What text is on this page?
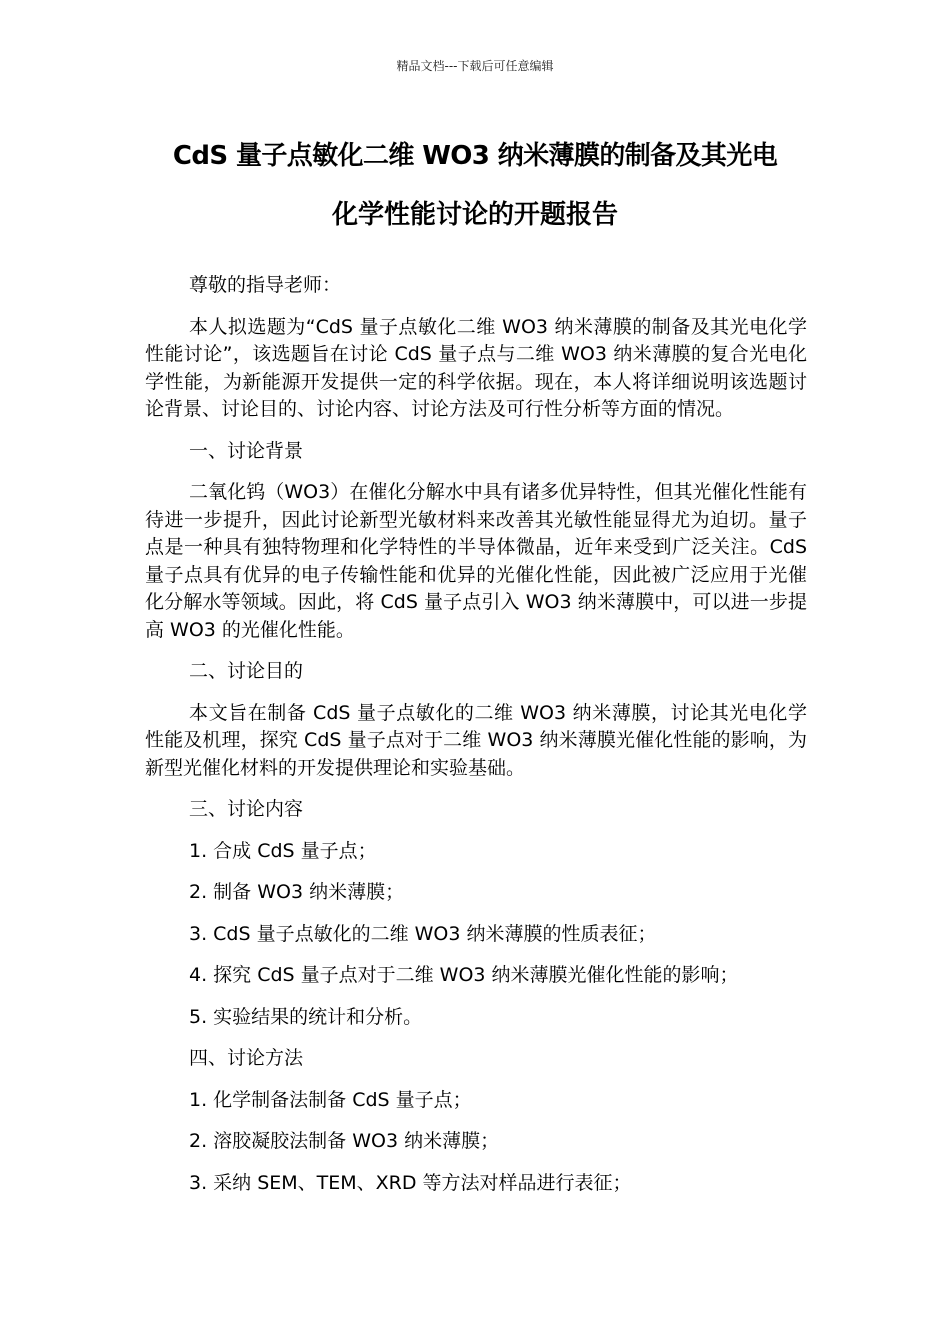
精品文档---下载后可任意编辑
CdS 量子点敏化二维 WO3 纳米薄膜的制备及其光电
化学性能讨论的开题报告
尊敬的指导老师：

本人拟选题为“CdS 量子点敏化二维 WO3 纳米薄膜的制备及其光电化学性能讨论”，该选题旨在讨论 CdS 量子点与二维 WO3 纳米薄膜的复合光电化学性能，为新能源开发提供一定的科学依据。现在，本人将详细说明该选题讨论背景、讨论目的、讨论内容、讨论方法及可行性分析等方面的情况。

一、讨论背景

二氧化钨（WO3）在催化分解水中具有诸多优异特性，但其光催化性能有待进一步提升，因此讨论新型光敏材料来改善其光敏性能显得尤为迫切。量子点是一种具有独特物理和化学特性的半导体微晶，近年来受到广泛关注。CdS 量子点具有优异的电子传输性能和优异的光催化性能，因此被广泛应用于光催化分解水等领域。因此，将 CdS 量子点引入 WO3 纳米薄膜中，可以进一步提高 WO3 的光催化性能。

二、讨论目的

本文旨在制备 CdS 量子点敏化的二维 WO3 纳米薄膜，讨论其光电化学性能及机理，探究 CdS 量子点对于二维 WO3 纳米薄膜光催化性能的影响，为新型光催化材料的开发提供理论和实验基础。

三、讨论内容
1. 合成 CdS 量子点；
2. 制备 WO3 纳米薄膜；
3. CdS 量子点敏化的二维 WO3 纳米薄膜的性质表征；
4. 探究 CdS 量子点对于二维 WO3 纳米薄膜光催化性能的影响；
5. 实验结果的统计和分析。
四、讨论方法
1. 化学制备法制备 CdS 量子点；
2. 溶胶凝胶法制备 WO3 纳米薄膜；
3. 采纳 SEM、TEM、XRD 等方法对样品进行表征；
